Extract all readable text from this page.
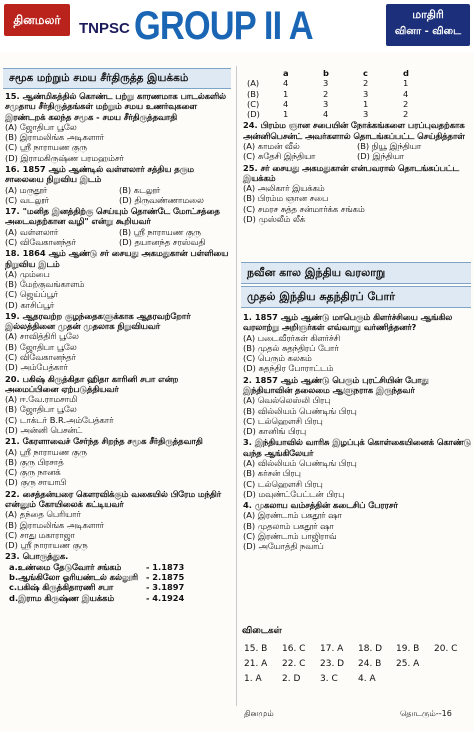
தினமலர்
TNPSC GROUP II A	மாதிரி
வினா - விடை
சமூக மற்றும் சமய சீர்திருத்த இயக்கம்
15. ஆண்மிகத்தில் கொண்ட பற்று காரணமாக பாடல்களில் சமுதாய சீர்திருத்தங்கள் மற்றும் சமய உணர்வுகளை இரண்டறக் கலந்த சமூக - சமய சீர்திருத்தவாதி
(A) ஜோதிபா பூலே
(B) இராமலிங்க அடிகளார்
(C) ஸ்ரீ நாராயண குரு
(D) இராமகிருஷ்ண பரமஹம்சர்
16. 1857 ஆம் ஆண்டில் வள்ளலார் சத்திய தரும சாலையை நிறுவிய இடம்
(A) மருதூர்	(B) கடலூர்
(C) வடலூர்	(D) திருவண்ணாமலை
17. "மனித இனத்திற்கு செய்யும் தொண்டே மோட்சத்தை அடைவதற்கான வழி" என்று கூறியவர்
(A) வள்ளலார்	(B) ஸ்ரீ நாராயண குரு
(C) விவேகானந்தர்	(D) தயானந்த சரஸ்வதி
18. 1864 ஆம் ஆண்டு சர் சையது அகமதுகான் பள்ளியை நிறுவிய இடம்
(A) மும்பை
(B) மேற்குவங்காளம்
(C) ஜெய்ப்பூர்
(D) காசிப்பூர்
19. ஆதரவற்ற குழந்தைகளுக்காக ஆதரவற்றோர் இல்லத்தினை முதன் முதலாக நிறுவியவர்
(A) சாவித்திரி பூலே
(B) ஜோதிபா பூலே
(C) விவேகானந்தர்
(D) அம்பேத்கார்
20. பகிஷ் கிருத்கிதா ஹிதா காரினி சபா என்ற அமைப்பினை ஏற்படுத்தியவர்
(A) ஈ.வே.ராமசாமி
(B) ஜோதிபா பூலே
(C) டாக்டர் B.R.அம்பேத்கார்
(D) அன்னி பெசன்ட்
21. கேரளாவைச் சேர்ந்த சிறந்த சமூக சீர்திருத்தவாதி
(A) ஸ்ரீ நாராயண குரு
(B) குரு பிரசாத்
(C) குரு நானக்
(D) குரு சாயாபி
22. சைத்தன்யரை கௌரவிக்கும் வகையில் பிரேம மந்திர் என்னும் கோயிலைக் கட்டியவர்
(A) தந்தை பெரியார்
(B) இராமலிங்க அடிகளார்
(C) சாது மகாராஜா
(D) ஸ்ரீ நாராயண குரு
23. பொருத்துக.
a.உண்மை தேடுவோர் சங்கம்	- 1.1873
b.ஆங்கிலோ ஓரியண்டல் கல்லூரி	- 2.1875
c.பகிஷ் கிருத்கிதாரணி சபா	- 3.1897
d.இராம கிருஷ்ண இயக்கம்	- 4.1924
	a	b	c	d
(A)	4	3	2	1
(B)	1	2	3	4
(C)	4	3	1	2
(D)	1	4	3	2
24. பிரம்ம ஞான சபையின் நோக்கங்களை பரப்புவதற்காக அன்னிபெசன்ட் அவர்களால் தொடங்கப்பட்ட செய்தித்தாள்
(A) காமன் வீல்	(B) நியூ இந்தியா
(C) சுதேசி இந்தியா	(D) இந்தியா
25. சர் சையது அகமதுகான் என்பவரால் தொடங்கப்பட்ட இயக்கம்
(A) அலிகார் இயக்கம்
(B) பிரம்ம ஞான சபை
(C) சமரச சுத்த சன்மார்க்க சங்கம்
(D) முஸ்லீம் லீக்
நவீன கால இந்திய வரலாறு
முதல் இந்திய சுதந்திரப் போர்
1. 1857 ஆம் ஆண்டு மாபெரும் கிளர்ச்சியை ஆங்கில வரலாற்று அறிஞர்கள் எவ்வாறு வர்ணித்தனர்?
(A) படைவீரர்கள் கிளர்ச்சி
(B) முதல் சுதந்திரப் போர்
(C) பெரும் கலகம்
(D) சுதந்திர போராட்டம்
2. 1857 ஆம் ஆண்டு பெரும் புரட்சியின் போது இந்தியாவின் தலைமை ஆளுநராக இருந்தவர்
(A) வெல்லெஸ்லி பிரபு
(B) வில்லியம் பெண்டிங் பிரபு
(C) டல்ஹௌசி பிரபு
(D) கானிங் பிரபு
3. இந்தியாவில் வாரிசு இழப்புக் கொள்கையினைக் கொண்டு வந்த ஆங்கிலேயர்
(A) வில்லியம் பெண்டிங் பிரபு
(B) கர்சன் பிரபு
(C) டல்ஹௌசி பிரபு
(D) மவுண்ட்பேட்டன் பிரபு
4. முகலாய வம்சத்தின் கடைசிப் பேரரசர்
(A) இரண்டாம் பகதூர் ஷா
(B) முதலாம் பகதூர் ஷா
(C) இரண்டாம் பாஜிராவ்
(D) அயோத்தி நவாப்
விடைகள்
15. B	16. C	17. A	18. D	19. B	20. C
21. A	22. C	23. D	24. B	25. A	
1. A	2. D	3. C	4. A		
தினமும்	தொடரும்--16
